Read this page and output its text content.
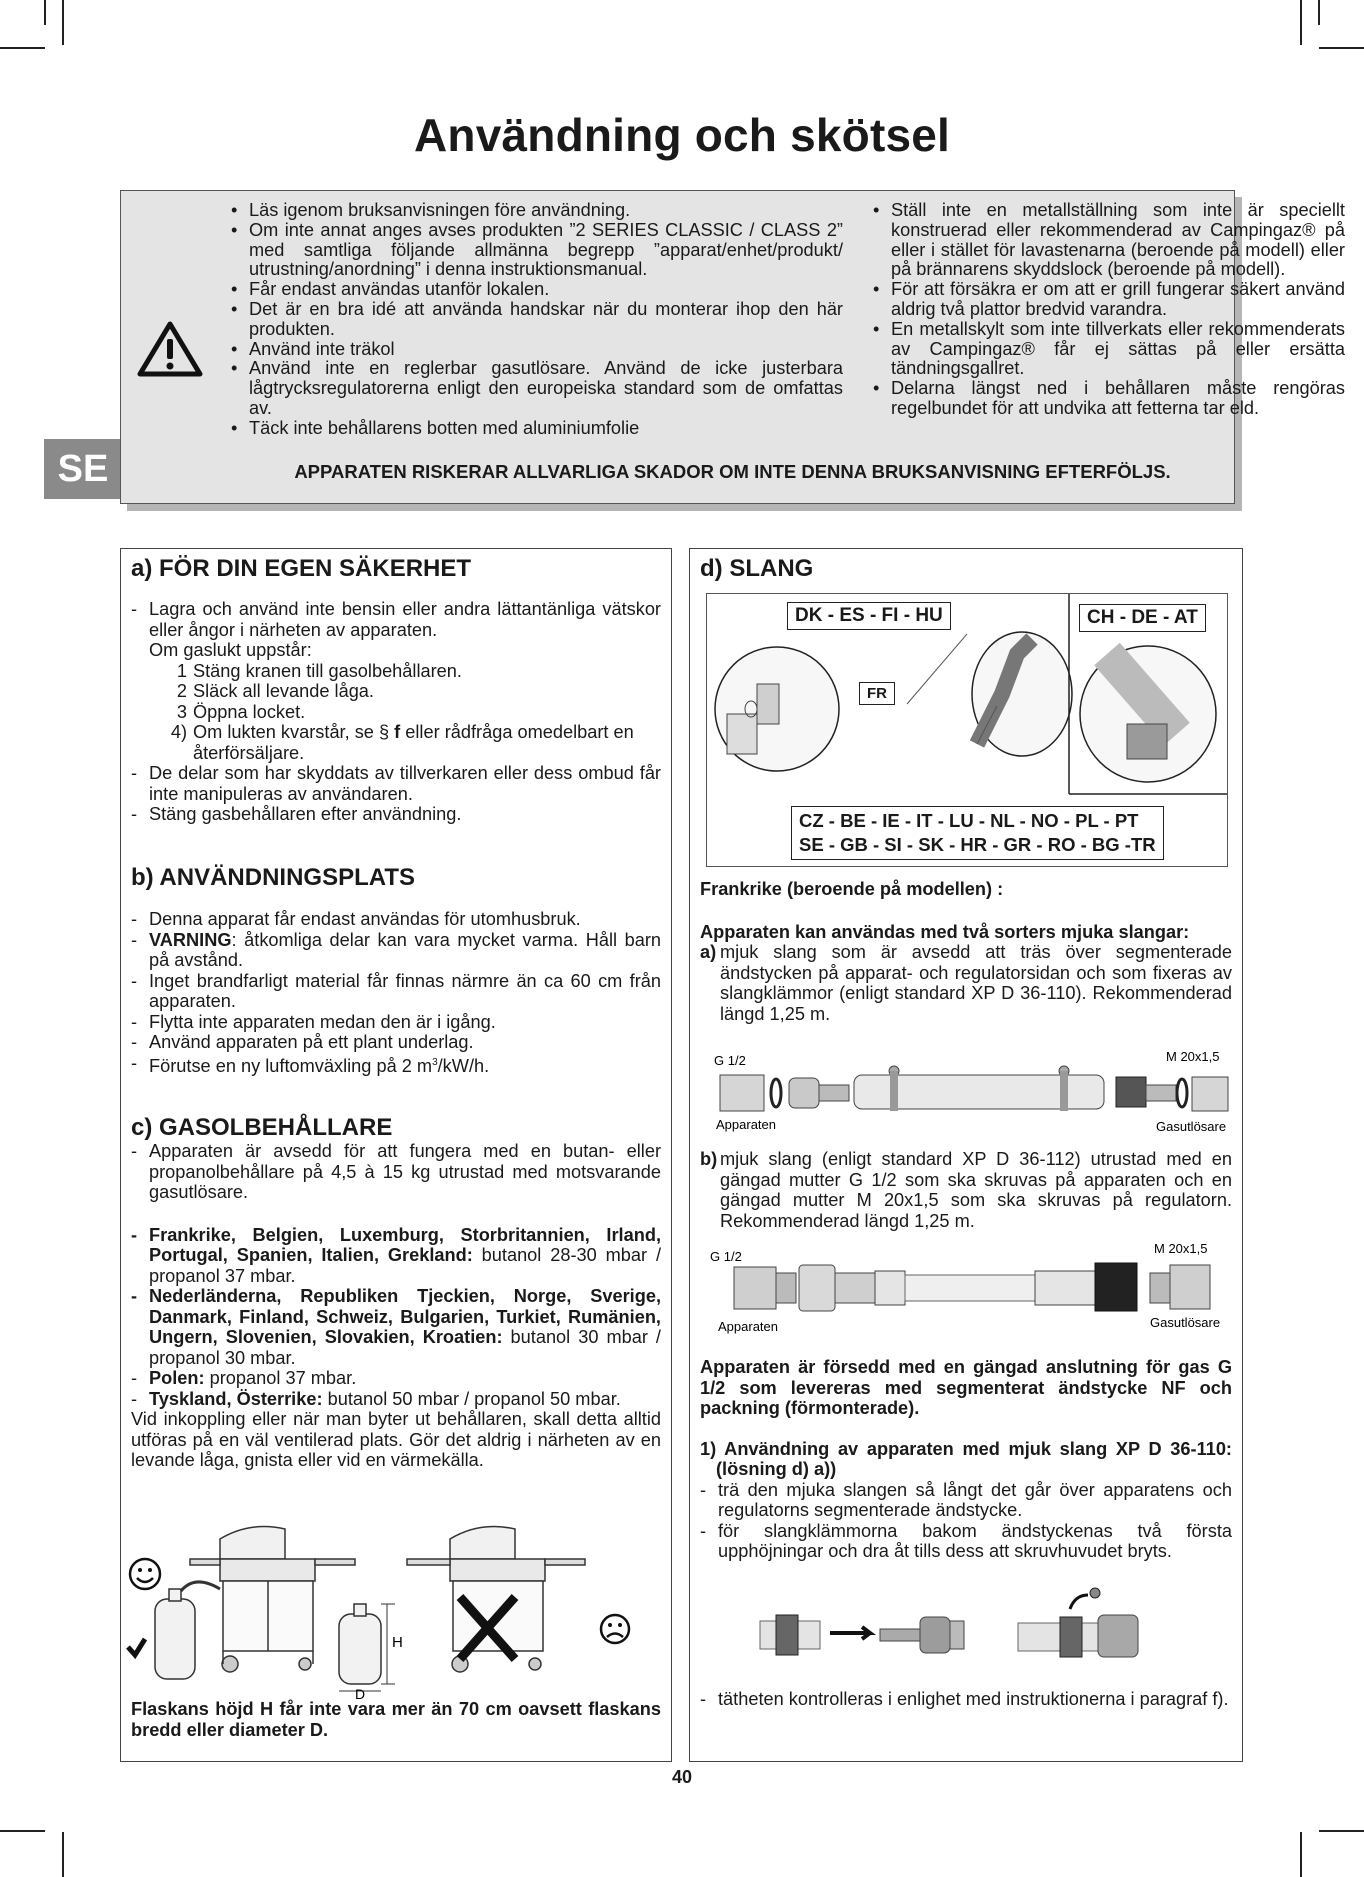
Användning och skötsel
SE
• Läs igenom bruksanvisningen före användning.
• Om inte annat anges avses produkten ”2 SERIES CLASSIC / CLASS 2” med samtliga följande allmänna begrepp ”apparat/enhet/produkt/ utrustning/anordning” i denna instruktionsmanual.
• Får endast användas utanför lokalen.
• Det är en bra idé att använda handskar när du monterar ihop den här produkten.
• Använd inte träkol
• Använd inte en reglerbar gasutlösare. Använd de icke justerbara lågtrycksregulatorerna enligt den europeiska standard som de omfattas av.
• Täck inte behållarens botten med aluminiumfolie
• Ställ inte en metallställning som inte är speciellt konstruerad eller rekommenderad av Campingaz® på eller i stället för lavastenarna (beroende på modell) eller på brännarens skyddslock (beroende på modell).
• För att försäkra er om att er grill fungerar säkert använd aldrig två plattor bredvid varandra.
• En metallskylt som inte tillverkats eller rekommenderats av Campingaz® får ej sättas på eller ersätta tändningsgallret.
• Delarna längst ned i behållaren måste rengöras regelbundet för att undvika att fetterna tar eld.
APPARATEN RISKERAR ALLVARLIGA SKADOR OM INTE DENNA BRUKSANVISNING EFTERFÖLJS.
a) FÖR DIN EGEN SÄKERHET
- Lagra och använd inte bensin eller andra lättantänliga vätskor eller ångor i närheten av apparaten.
Om gaslukt uppstår:
1 Stäng kranen till gasolbehållaren.
2 Släck all levande låga.
3 Öppna locket.
4) Om lukten kvarstår, se § f eller rådfråga omedelbart en återförsäljare.
- De delar som har skyddats av tillverkaren eller dess ombud får inte manipuleras av användaren.
- Stäng gasbehållaren efter användning.
b) ANVÄNDNINGSPLATS
- Denna apparat får endast användas för utomhusbruk.
- VARNING: åtkomliga delar kan vara mycket varma. Håll barn på avstånd.
- Inget brandfarligt material får finnas närmre än ca 60 cm från apparaten.
- Flytta inte apparaten medan den är i igång.
- Använd apparaten på ett plant underlag.
- Förutse en ny luftomväxling på 2 $m^3/kW/h$.
c) GASOLBEHÅLLARE
- Apparaten är avsedd för att fungera med en butan- eller propanolbehållare på 4,5 à 15 kg utrustad med motsvarande gasutlösare.
- Frankrike, Belgien, Luxemburg, Storbritannien, Irland, Portugal, Spanien, Italien, Grekland: butanol 28-30 mbar / propanol 37 mbar.
- Nederländerna, Republiken Tjeckien, Norge, Sverige, Danmark, Finland, Schweiz, Bulgarien, Turkiet, Rumänien, Ungern, Slovenien, Slovakien, Kroatien: butanol 30 mbar / propanol 30 mbar.
- Polen: propanol 37 mbar.
- Tyskland, Österrike: butanol 50 mbar / propanol 50 mbar.

Vid inkoppling eller när man byter ut behållaren, skall detta alltid utföras på en väl ventilerad plats. Gör det aldrig i närheten av en levande låga, gnista eller vid en värmekälla.

H
D
Flaskans höjd H får inte vara mer än 70 cm oavsett flaskans bredd eller diameter D.
d) SLANG
DK - ES - FI - HU	CH - DE - AT
FR
CZ - BE - IE - IT - LU - NL - NO - PL - PT
SE - GB - SI - SK - HR - GR - RO - BG -TR

Frankrike (beroende på modellen) :

Apparaten kan användas med två sorters mjuka slangar:

a) mjuk slang som är avsedd att träs över segmenterade ändstycken på apparat- och regulatorsidan och som fixeras av slangklämmor (enligt standard XP D 36-110). Rekommenderad längd 1,25 m.
G 1/2	M 20x1,5
Apparaten	Gasutlösare
b) mjuk slang (enligt standard XP D 36-112) utrustad med en gängad mutter G 1/2 som ska skruvas på apparaten och en gängad mutter M 20x1,5 som ska skruvas på regulatorn. Rekommenderad längd 1,25 m.
G 1/2
M 20x1,5
Apparaten	Gasutlösare

Apparaten är försedd med en gängad anslutning för gas G 1/2 som levereras med segmenterat ändstycke NF och packning (förmonterade).

1) Användning av apparaten med mjuk slang XP D 36-110: (lösning d) a))

- trä den mjuka slangen så långt det går över apparatens och regulatorns segmenterade ändstycke.
- för slangklämmorna bakom ändstyckenas två första upphöjningar och dra åt tills dess att skruvhuvudet bryts.
- tätheten kontrolleras i enlighet med instruktionerna i paragraf f).
40
